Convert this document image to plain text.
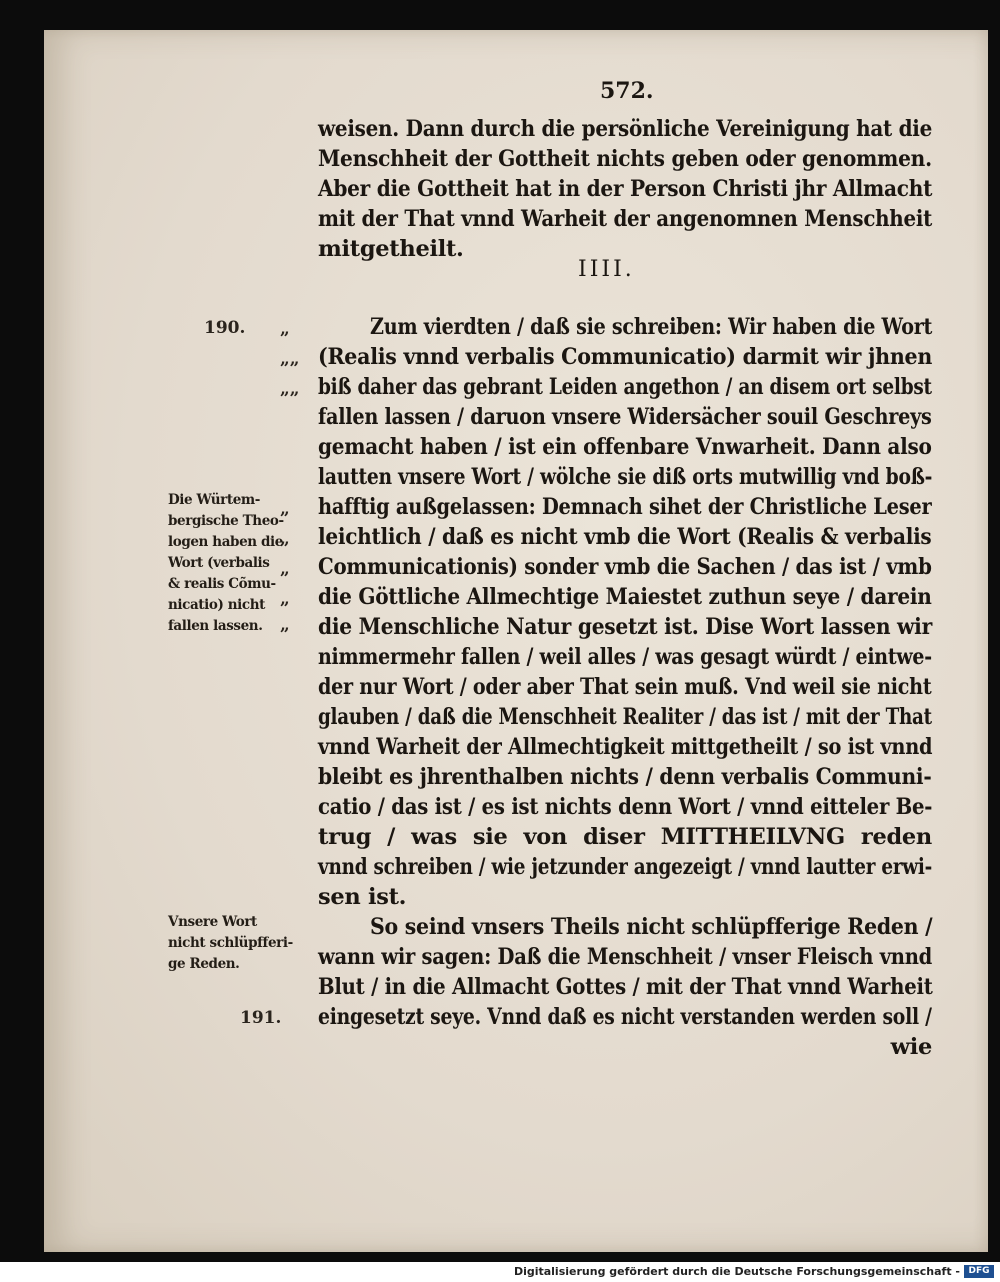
572.
weisen. Dann durch die persönliche Vereinigung hat die
Menschheit der Gottheit nichts geben oder genommen.
Aber die Gottheit hat in der Person Christi jhr Allmacht
mit der That vnnd Warheit der angenomnen Menschheit
mitgetheilt.
IIII.
Zum vierdten / daß sie schreiben: Wir haben die Wort
(Realis vnnd verbalis Communicatio) darmit wir jhnen
biß daher das gebrant Leiden angethon / an disem ort selbst
fallen lassen / daruon vnsere Widersächer souil Geschreys
gemacht haben / ist ein offenbare Vnwarheit. Dann also
lautten vnsere Wort / wölche sie diß orts mutwillig vnd boß-
hafftig außgelassen: Demnach sihet der Christliche Leser
leichtlich / daß es nicht vmb die Wort (Realis & verbalis
Communicationis) sonder vmb die Sachen / das ist / vmb
die Göttliche Allmechtige Maiestet zuthun seye / darein
die Menschliche Natur gesetzt ist. Dise Wort lassen wir
nimmermehr fallen / weil alles / was gesagt würdt / eintwe-
der nur Wort / oder aber That sein muß. Vnd weil sie nicht
glauben / daß die Menschheit Realiter / das ist / mit der That
vnnd Warheit der Allmechtigkeit mittgetheilt / so ist vnnd
bleibt es jhrenthalben nichts / denn verbalis Communi-
catio / das ist / es ist nichts denn Wort / vnnd eitteler Be-
trug / was sie von diser MITTHEILVNG reden
vnnd schreiben / wie jetzunder angezeigt / vnnd lautter erwi-
sen ist.
So seind vnsers Theils nicht schlüpfferige Reden /
wann wir sagen: Daß die Menschheit / vnser Fleisch vnnd
Blut / in die Allmacht Gottes / mit der That vnnd Warheit
eingesetzt seye. Vnnd daß es nicht verstanden werden soll /
wie
„
„„
„„
„
„
„
„
„
190.
191.
Die Würtem-
bergische Theo-
logen haben die
Wort (verbalis
& realis Cõmu-
nicatio) nicht
fallen lassen.
Vnsere Wort
nicht schlüpfferi-
ge Reden.
Digitalisierung gefördert durch die Deutsche Forschungsgemeinschaft - DFG
